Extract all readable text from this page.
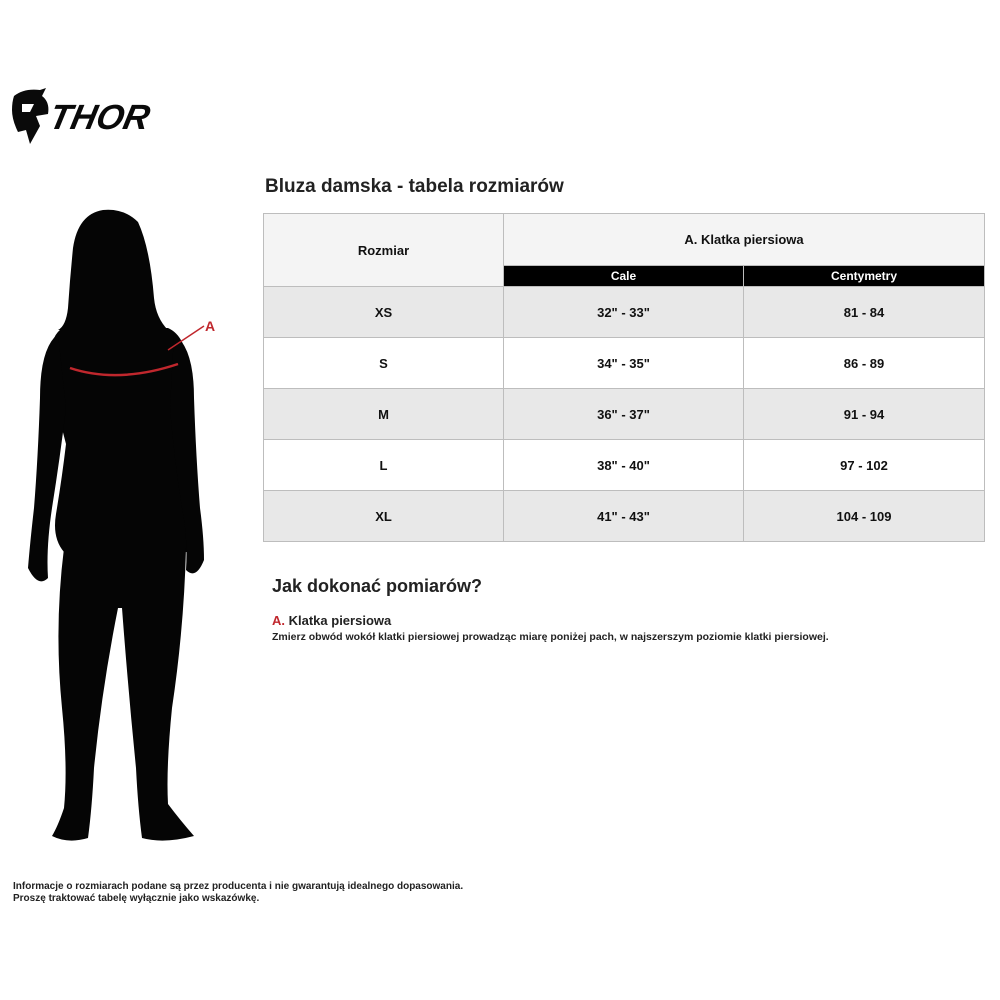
THOR
Bluza damska - tabela rozmiarów
A
Rozmiar	A. Klatka piersiowa	
	Cale	Centymetry
XS	32" - 33"	81 - 84
S	34" - 35"	86 - 89
M	36" - 37"	91 - 94
L	38" - 40"	97 - 102
XL	41" - 43"	104 - 109
Jak dokonać pomiarów?
A. Klatka piersiowa
Zmierz obwód wokół klatki piersiowej prowadząc miarę poniżej pach, w najszerszym poziomie klatki piersiowej.
Informacje o rozmiarach podane są przez producenta i nie gwarantują idealnego dopasowania.
Proszę traktować tabelę wyłącznie jako wskazówkę.
